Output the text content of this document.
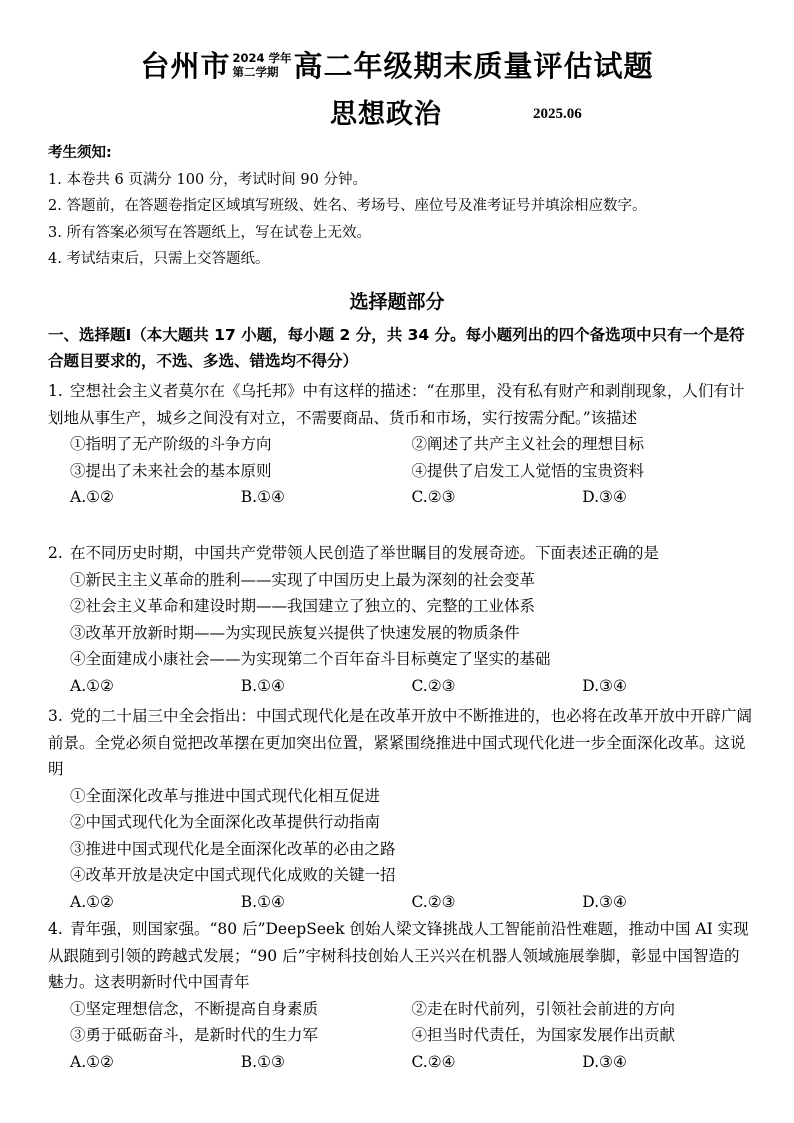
台州市 2024 学年
第二学期 高二年级期末质量评估试题
思想政治	2025.06
考生须知:
1. 本卷共 6 页满分 100 分，考试时间 90 分钟。
2. 答题前，在答题卷指定区域填写班级、姓名、考场号、座位号及准考证号并填涂相应数字。
3. 所有答案必须写在答题纸上，写在试卷上无效。
4. 考试结束后，只需上交答题纸。
选择题部分
一、选择题Ⅰ（本大题共 17 小题，每小题 2 分，共 34 分。每小题列出的四个备选项中只有一个是符合题目要求的，不选、多选、错选均不得分）
1. 空想社会主义者莫尔在《乌托邦》中有这样的描述：“在那里，没有私有财产和剥削现象，人们有计划地从事生产，城乡之间没有对立，不需要商品、货币和市场，实行按需分配。”该描述
①指明了无产阶级的斗争方向	②阐述了共产主义社会的理想目标
③提出了未来社会的基本原则	④提供了启发工人觉悟的宝贵资料
A.①②	B.①④	C.②③	D.③④
2. 在不同历史时期，中国共产党带领人民创造了举世瞩目的发展奇迹。下面表述正确的是
①新民主主义革命的胜利——实现了中国历史上最为深刻的社会变革
②社会主义革命和建设时期——我国建立了独立的、完整的工业体系
③改革开放新时期——为实现民族复兴提供了快速发展的物质条件
④全面建成小康社会——为实现第二个百年奋斗目标奠定了坚实的基础
A.①②	B.①④	C.②③	D.③④
3. 党的二十届三中全会指出：中国式现代化是在改革开放中不断推进的，也必将在改革开放中开辟广阔前景。全党必须自觉把改革摆在更加突出位置，紧紧围绕推进中国式现代化进一步全面深化改革。这说明
①全面深化改革与推进中国式现代化相互促进
②中国式现代化为全面深化改革提供行动指南
③推进中国式现代化是全面深化改革的必由之路
④改革开放是决定中国式现代化成败的关键一招
A.①②	B.①④	C.②③	D.③④
4. 青年强，则国家强。“80 后”DeepSeek 创始人梁文锋挑战人工智能前沿性难题，推动中国 AI 实现从跟随到引领的跨越式发展；“90 后”宇树科技创始人王兴兴在机器人领域施展拳脚，彰显中国智造的魅力。这表明新时代中国青年
①坚定理想信念，不断提高自身素质	②走在时代前列，引领社会前进的方向
③勇于砥砺奋斗，是新时代的生力军	④担当时代责任，为国家发展作出贡献
A.①②	B.①③	C.②④	D.③④
